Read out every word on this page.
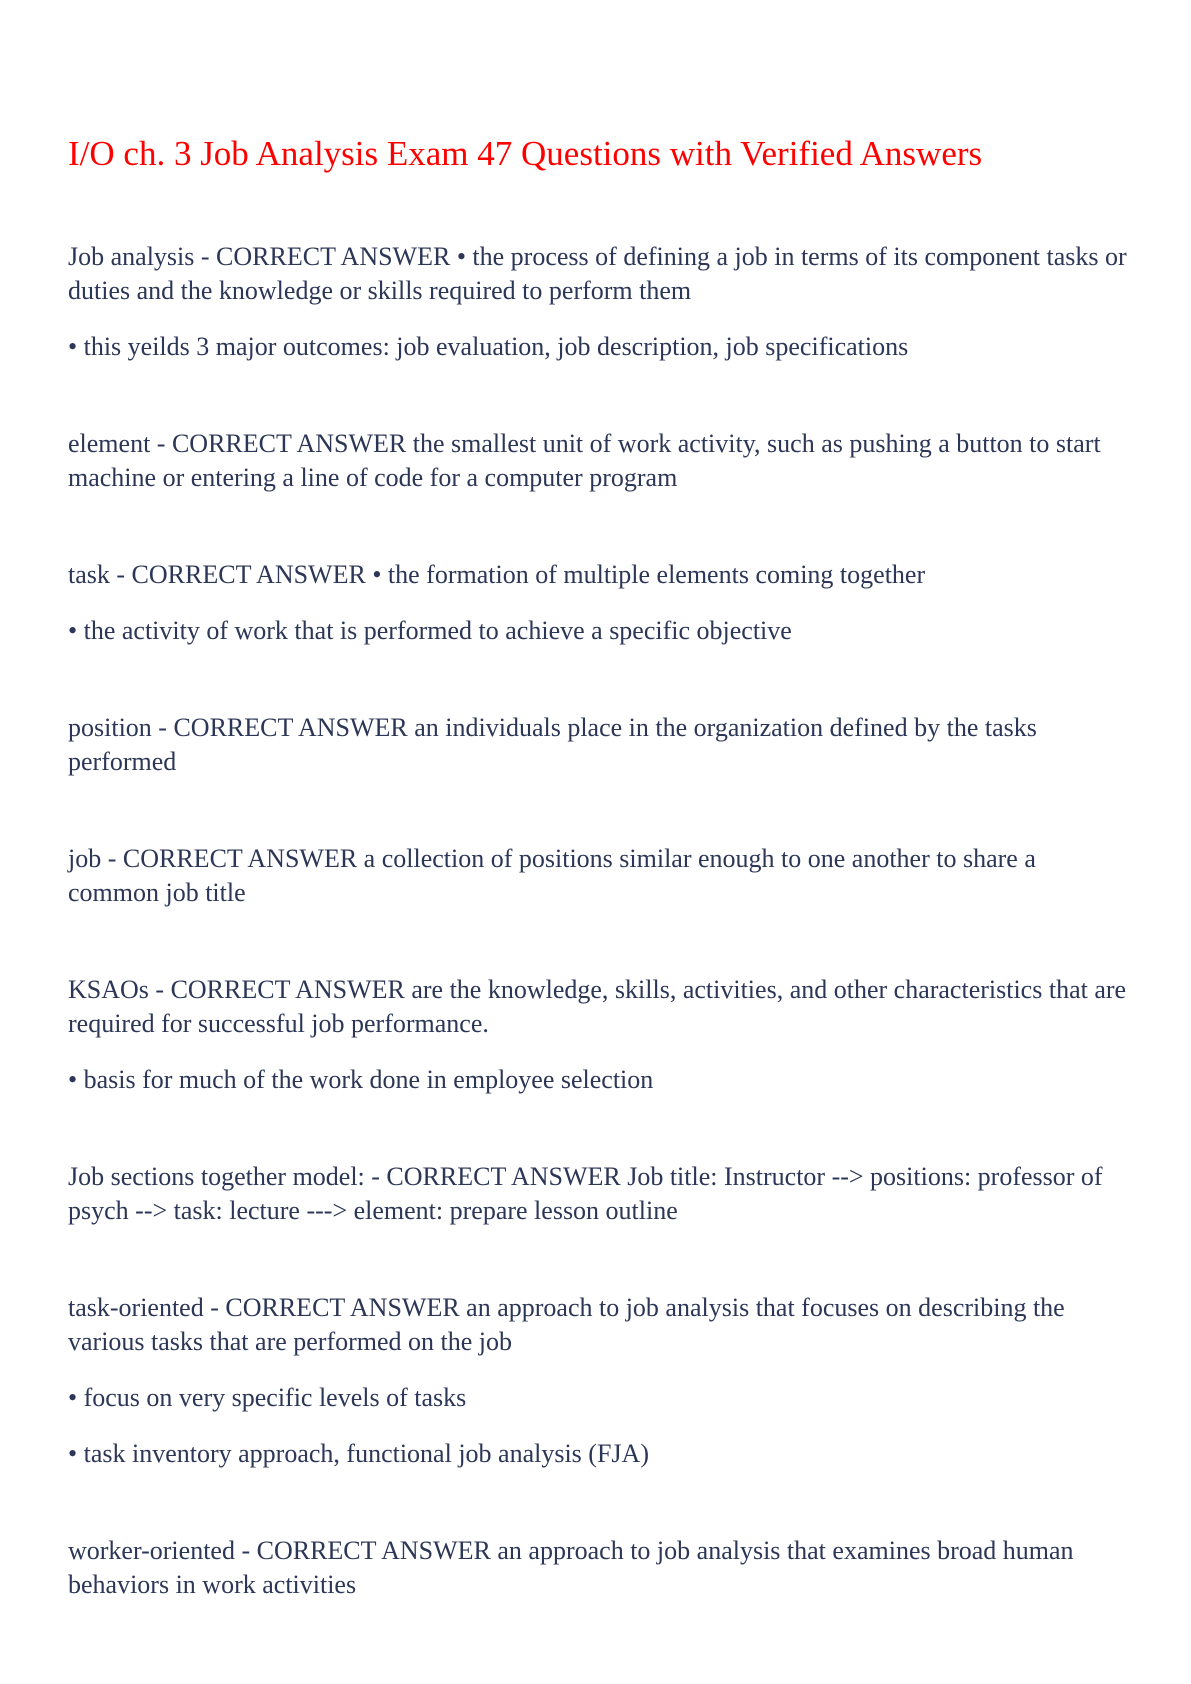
I/O ch. 3 Job Analysis Exam 47 Questions with Verified Answers

Job analysis - CORRECT ANSWER • the process of defining a job in terms of its component tasks or duties and the knowledge or skills required to perform them

• this yeilds 3 major outcomes: job evaluation, job description, job specifications

element - CORRECT ANSWER the smallest unit of work activity, such as pushing a button to start machine or entering a line of code for a computer program

task - CORRECT ANSWER • the formation of multiple elements coming together

• the activity of work that is performed to achieve a specific objective

position - CORRECT ANSWER an individuals place in the organization defined by the tasks performed

job - CORRECT ANSWER a collection of positions similar enough to one another to share a common job title

KSAOs - CORRECT ANSWER are the knowledge, skills, activities, and other characteristics that are required for successful job performance.

• basis for much of the work done in employee selection

Job sections together model: - CORRECT ANSWER Job title: Instructor --> positions: professor of psych --> task: lecture ---> element: prepare lesson outline

task-oriented - CORRECT ANSWER an approach to job analysis that focuses on describing the various tasks that are performed on the job

• focus on very specific levels of tasks

• task inventory approach, functional job analysis (FJA)

worker-oriented - CORRECT ANSWER an approach to job analysis that examines broad human behaviors in work activities
